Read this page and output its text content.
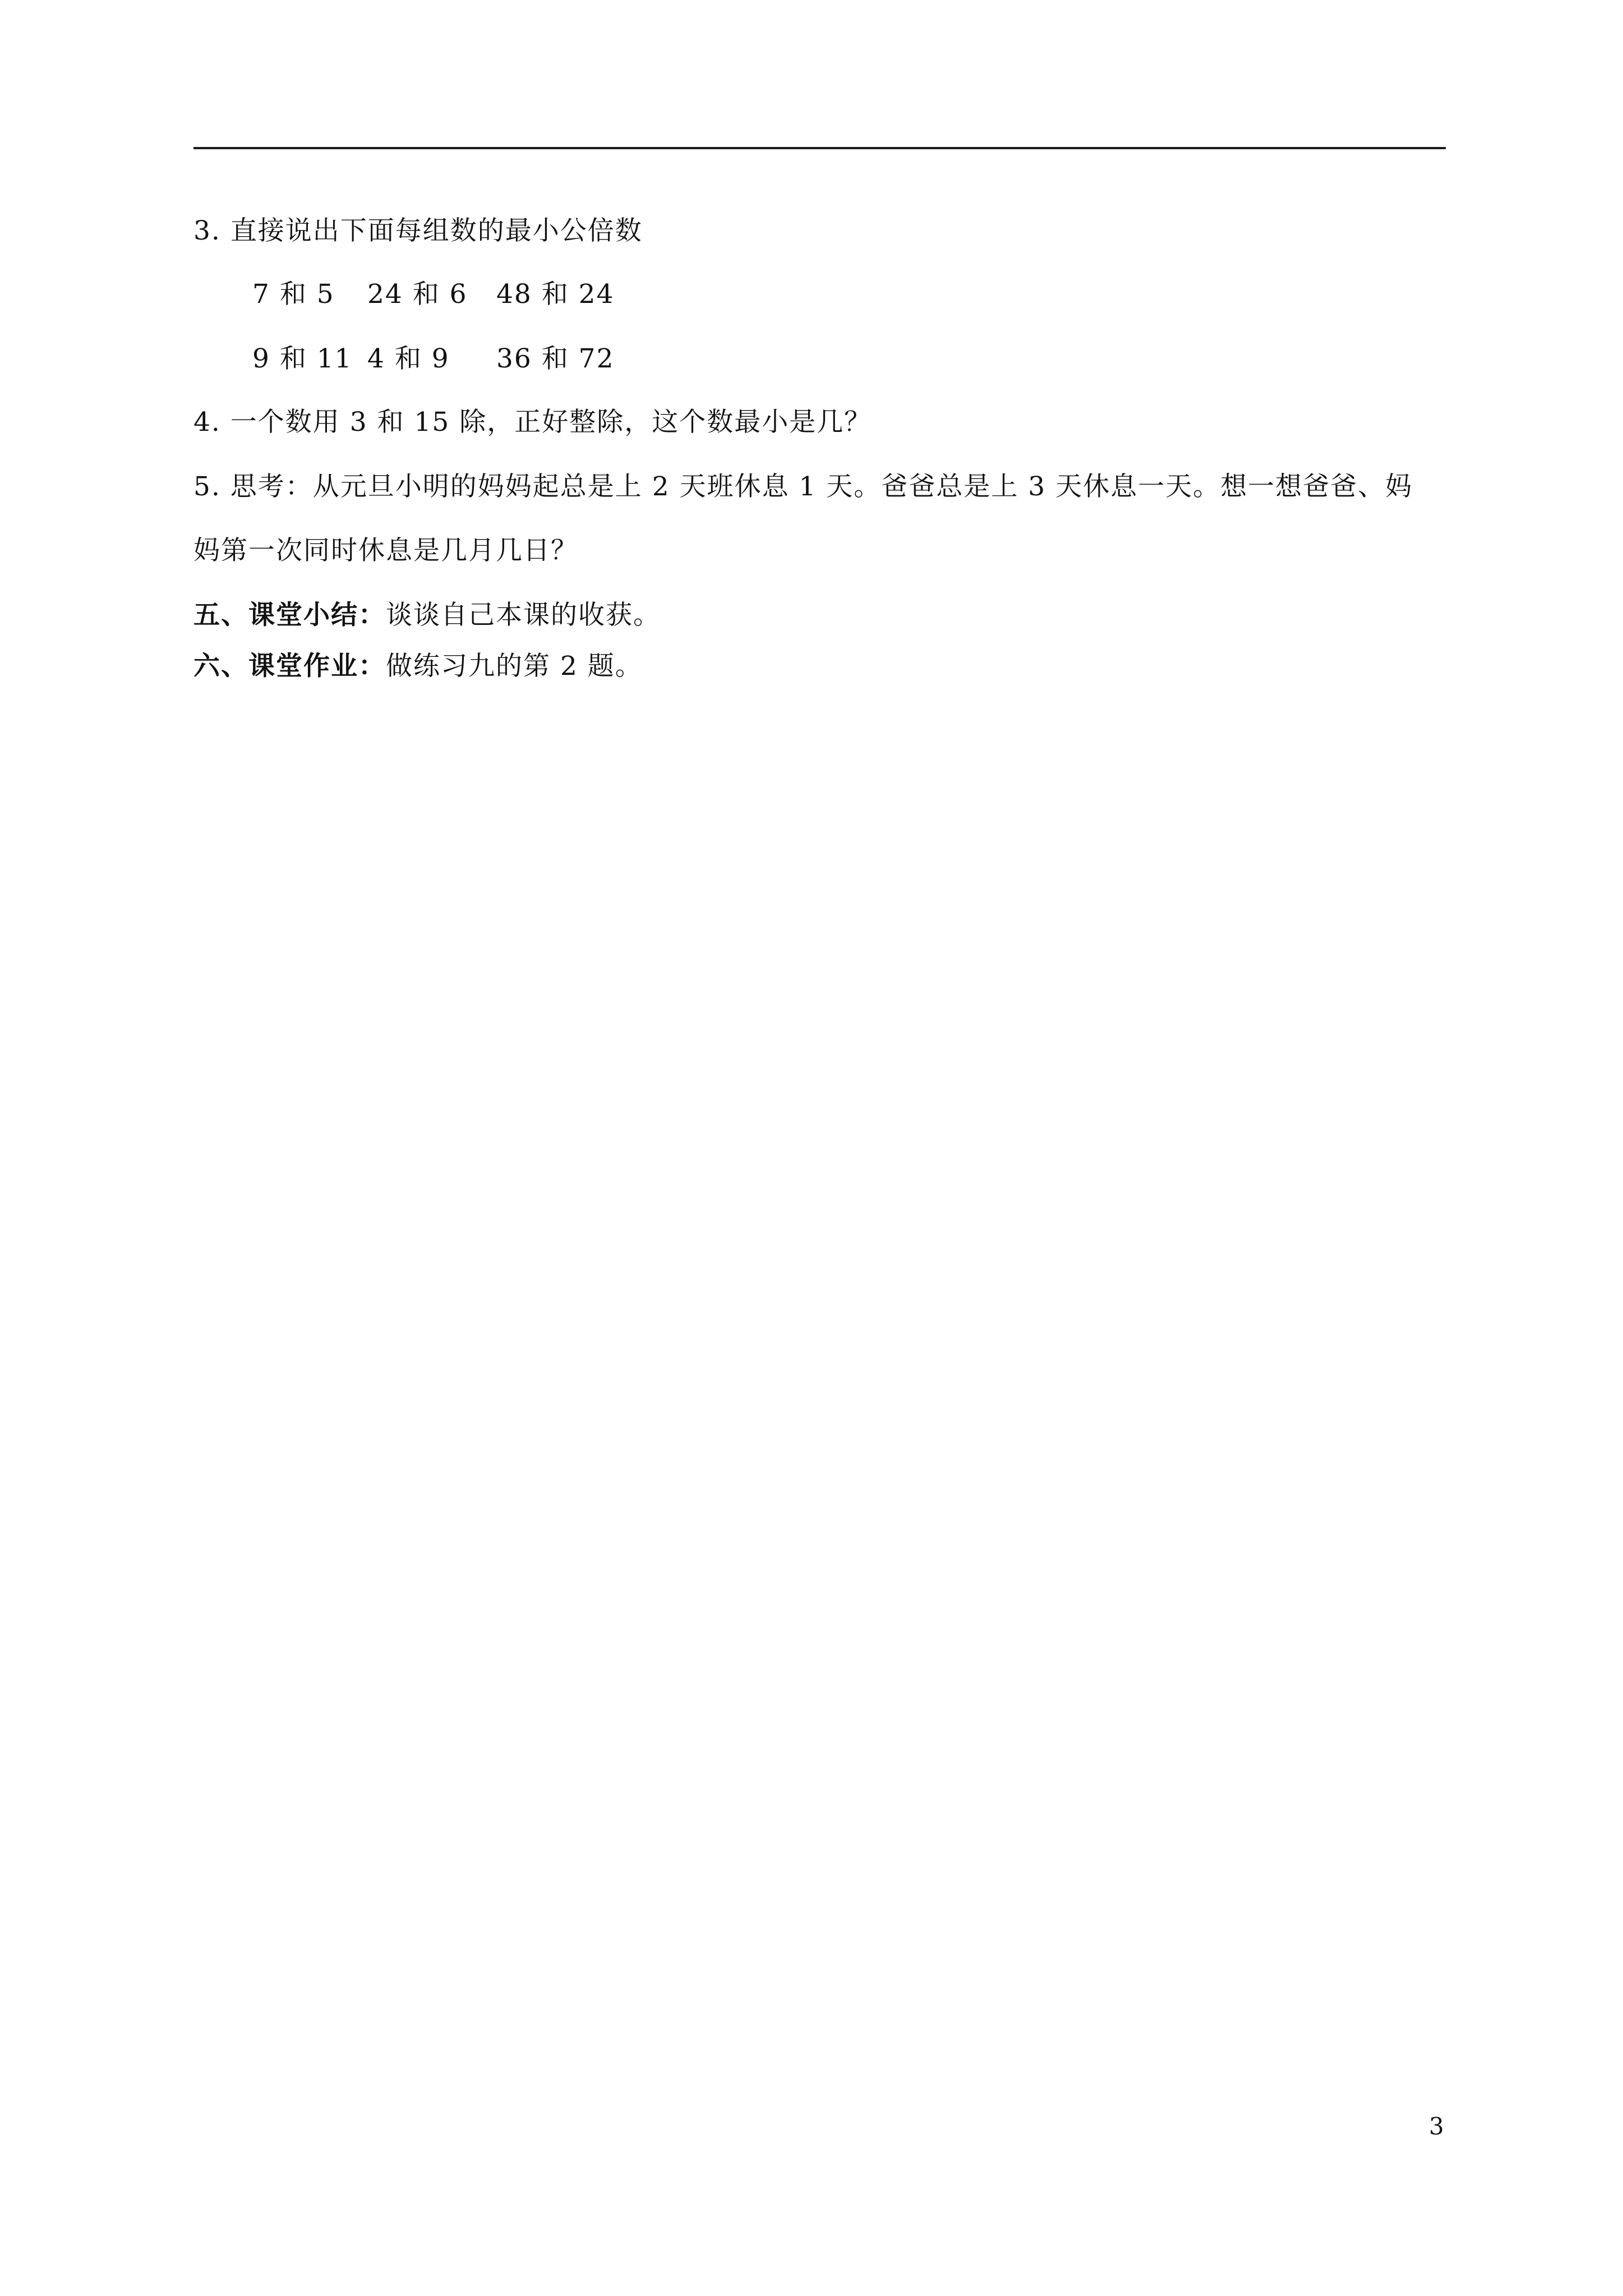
3. 直接说出下面每组数的最小公倍数
7 和 5 24 和 6 48 和 24
9 和 11 4 和 9 36 和 72
4. 一个数用 3 和 15 除，正好整除，这个数最小是几？
5. 思考：从元旦小明的妈妈起总是上 2 天班休息 1 天。爸爸总是上 3 天休息一天。想一想爸爸、妈
妈第一次同时休息是几月几日？
五、课堂小结：谈谈自己本课的收获。
六、课堂作业：做练习九的第 2 题。
3
